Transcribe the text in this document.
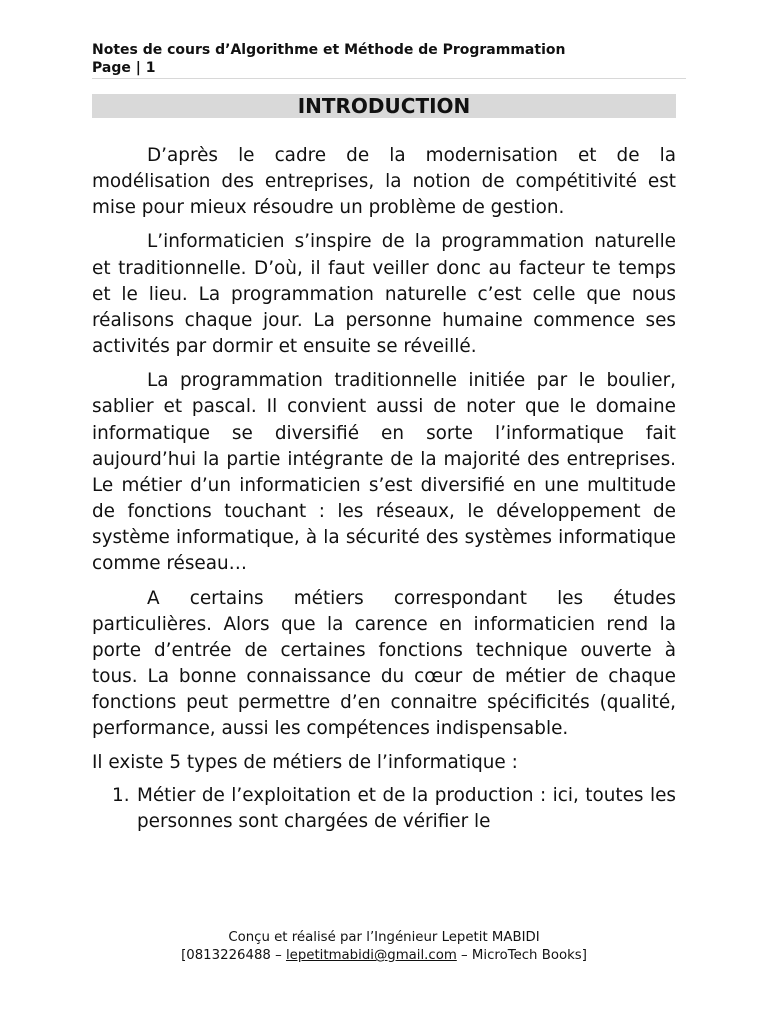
Notes de cours d’Algorithme et Méthode de Programmation
Page | 1
INTRODUCTION

D’après le cadre de la modernisation et de la modélisation des entreprises, la notion de compétitivité est mise pour mieux résoudre un problème de gestion.

L’informaticien s’inspire de la programmation naturelle et traditionnelle. D’où, il faut veiller donc au facteur te temps et le lieu. La programmation naturelle c’est celle que nous réalisons chaque jour. La personne humaine commence ses activités par dormir et ensuite se réveillé.

La programmation traditionnelle initiée par le boulier, sablier et pascal. Il convient aussi de noter que le domaine informatique se diversifié en sorte l’informatique fait aujourd’hui la partie intégrante de la majorité des entreprises. Le métier d’un informaticien s’est diversifié en une multitude de fonctions touchant : les réseaux, le développement de système informatique, à la sécurité des systèmes informatique comme réseau…

A certains métiers correspondant les études particulières. Alors que la carence en informaticien rend la porte d’entrée de certaines fonctions technique ouverte à tous. La bonne connaissance du cœur de métier de chaque fonctions peut permettre d’en connaitre spécificités (qualité, performance, aussi les compétences indispensable.

Il existe 5 types de métiers de l’informatique :

1. Métier de l’exploitation et de la production : ici, toutes les personnes sont chargées de vérifier le
Conçu et réalisé par l’Ingénieur Lepetit MABIDI
[0813226488 – lepetitmabidi@gmail.com – MicroTech Books]
